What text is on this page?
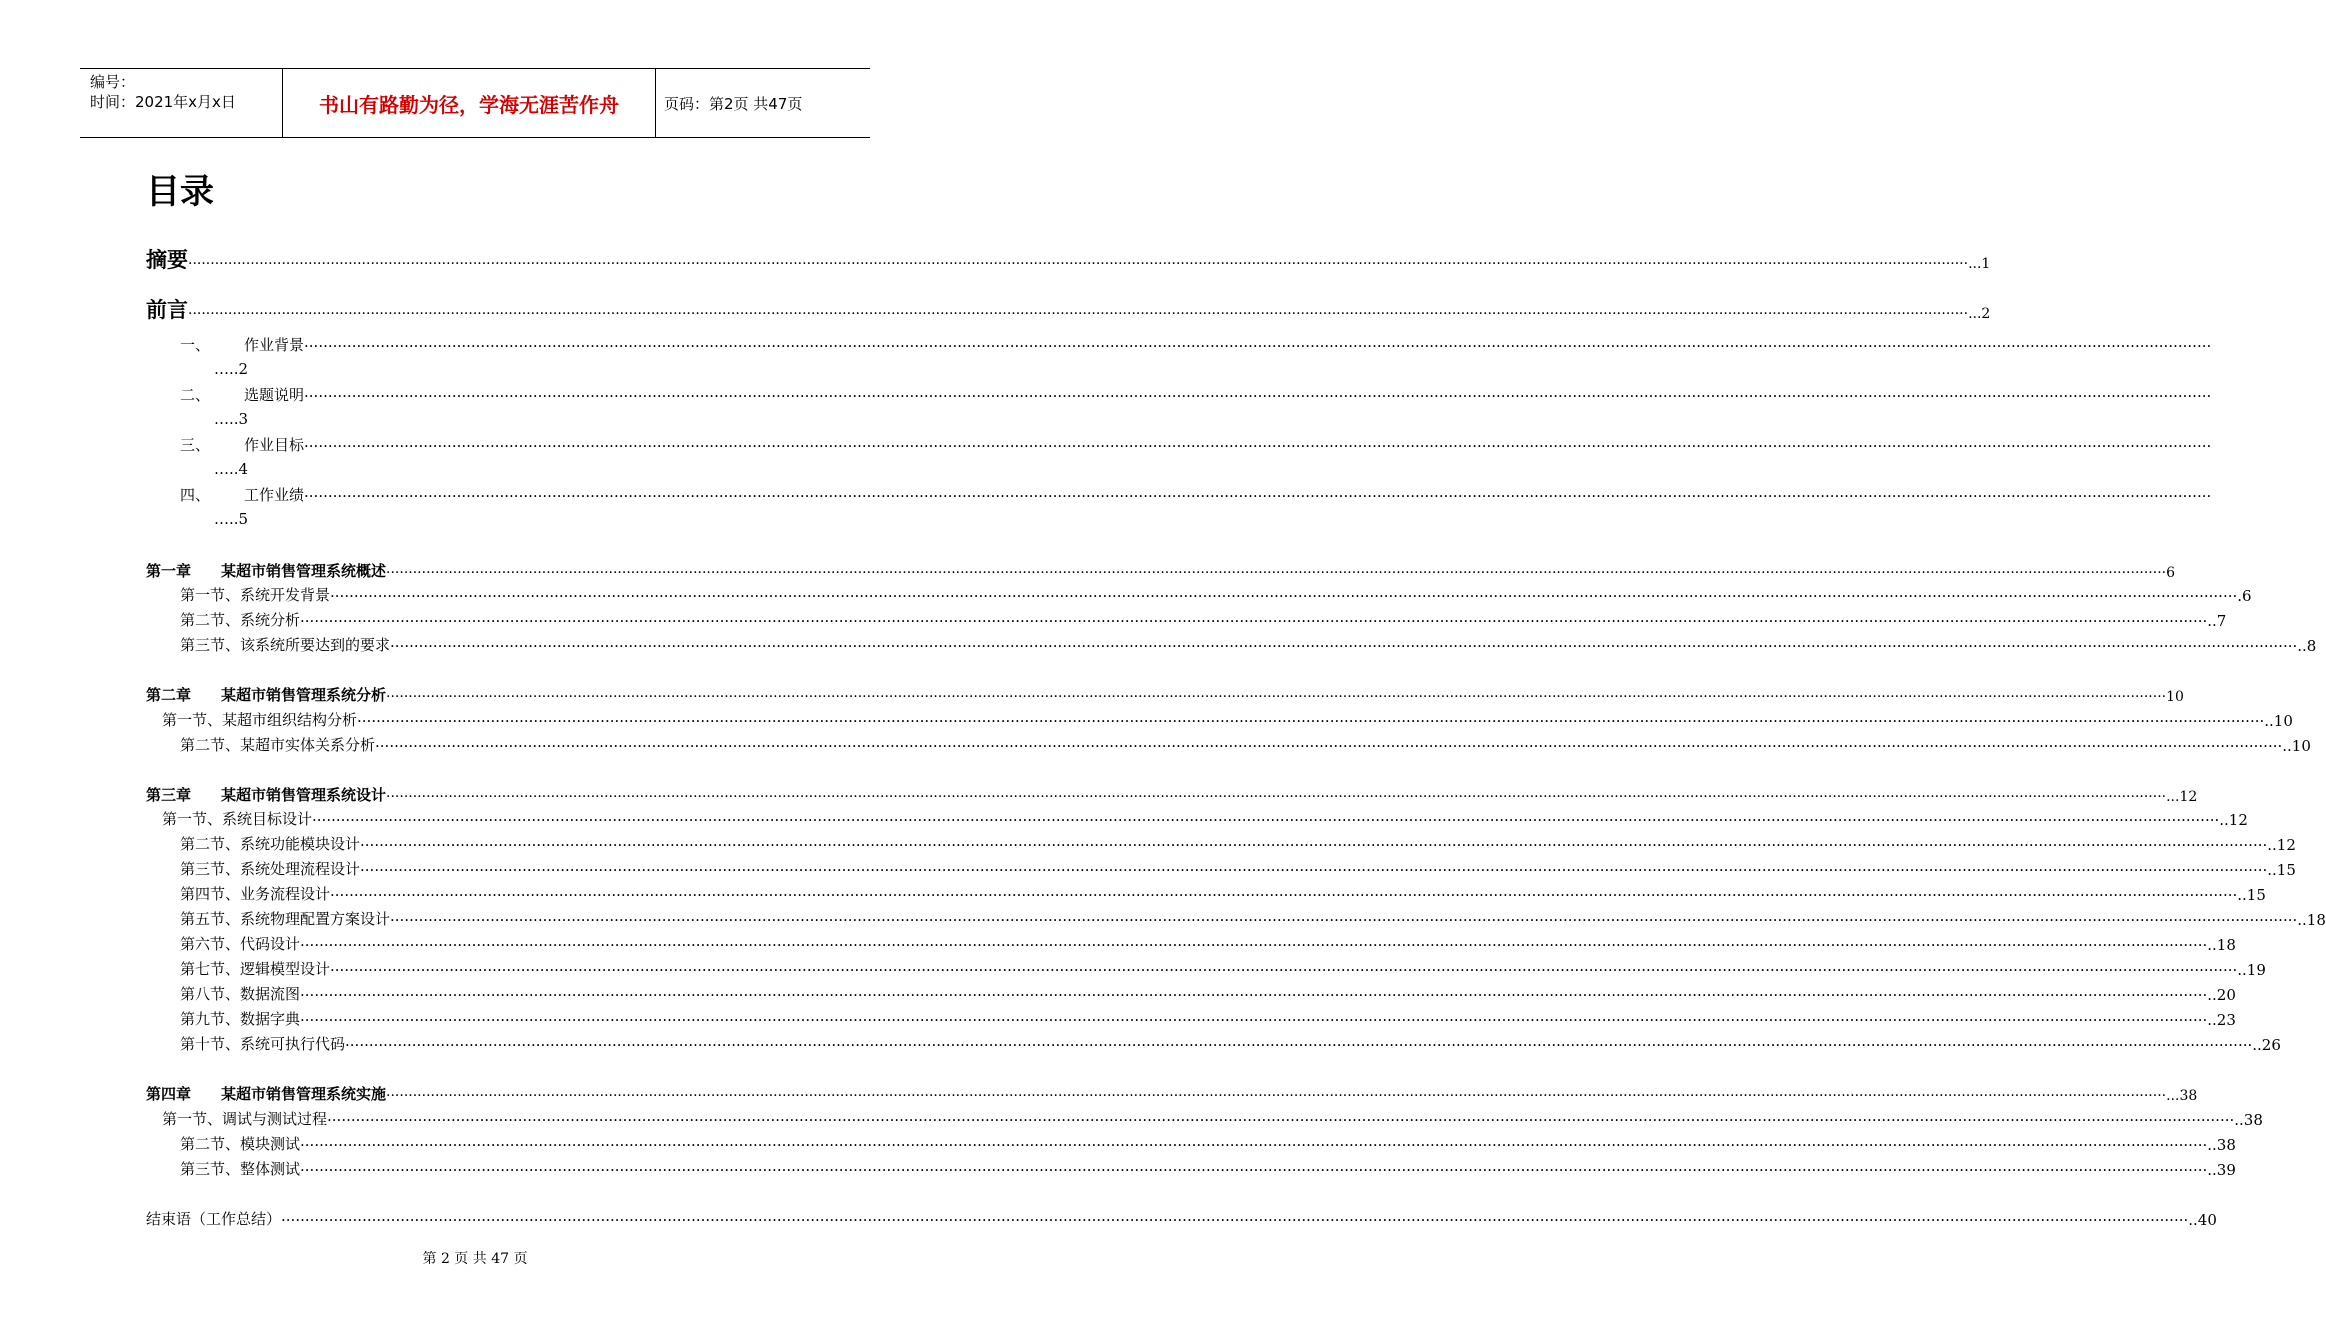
编号：
时间：2021年x月x日	书山有路勤为径，学海无涯苦作舟	页码：第2页 共47页
目录
摘要 ················································································································································································································································································································································································································ ...1
前言 ················································································································································································································································································································································································································ ...2
一、	作业背景 ················································································································································································································································································································································································································
…..2
二、	选题说明 ················································································································································································································································································································································································································
…..3
三、	作业目标 ················································································································································································································································································································································································································
…..4
四、	工作业绩 ················································································································································································································································································································································································································
…..5
第一章　　某超市销售管理系统概述 ················································································································································································································································································································································································································ 6
第一节、系统开发背景 ················································································································································································································································································································································································································ .6
第二节、系统分析 ················································································································································································································································································································································································································ ..7
第三节、该系统所要达到的要求 ················································································································································································································································································································································································································ ..8
第二章　　某超市销售管理系统分析 ················································································································································································································································································································································································································ 10
第一节、某超市组织结构分析 ················································································································································································································································································································································································································ ..10
第二节、某超市实体关系分析 ················································································································································································································································································································································································································ ..10
第三章　　某超市销售管理系统设计 ················································································································································································································································································································································································································ ...12
第一节、系统目标设计 ················································································································································································································································································································································································································ ..12
第二节、系统功能模块设计 ················································································································································································································································································································································································································ ..12
第三节、系统处理流程设计 ················································································································································································································································································································································································································ ..15
第四节、业务流程设计 ················································································································································································································································································································································································································ ..15
第五节、系统物理配置方案设计 ················································································································································································································································································································································································································ ..18
第六节、代码设计 ················································································································································································································································································································································································································ ..18
第七节、逻辑模型设计 ················································································································································································································································································································································································································ ..19
第八节、数据流图 ················································································································································································································································································································································································································ ..20
第九节、数据字典 ················································································································································································································································································································································································································ ..23
第十节、系统可执行代码 ················································································································································································································································································································································································································ ..26
第四章　　某超市销售管理系统实施 ················································································································································································································································································································································································································ ...38
第一节、调试与测试过程 ················································································································································································································································································································································································································ ..38
第二节、模块测试 ················································································································································································································································································································································································································ ..38
第三节、整体测试 ················································································································································································································································································································································································································ ..39
结束语（工作总结） ················································································································································································································································································································································································································ ..40
第 2 页 共 47 页
